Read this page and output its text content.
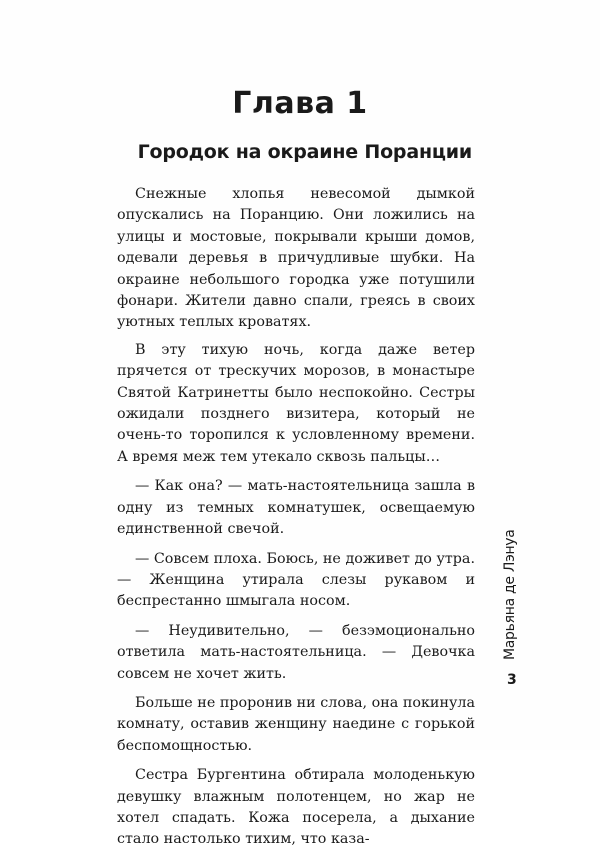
Глава 1
Городок на окраине Поранции

Снежные хлопья невесомой дымкой опускались на Поранцию. Они ложились на улицы и мостовые, покрывали крыши домов, одевали деревья в причудливые шубки. На окраине небольшого городка уже потушили фонари. Жители давно спали, греясь в своих уютных теплых кроватях.

В эту тихую ночь, когда даже ветер прячется от трескучих морозов, в монастыре Святой Катринетты было неспокойно. Сестры ожидали позднего визитера, который не очень-то торопился к условленному времени. А время меж тем утекало сквозь пальцы…

— Как она? — мать-настоятельница зашла в одну из темных комнатушек, освещаемую единственной свечой.

— Совсем плоха. Боюсь, не доживет до утра. — Женщина утирала слезы рукавом и беспрестанно шмыгала носом.

— Неудивительно, — безэмоционально ответила мать-настоятельница. — Девочка совсем не хочет жить.

Больше не проронив ни слова, она покинула комнату, оставив женщину наедине с горькой беспомощностью.

Сестра Бургентина обтирала молоденькую девушку влажным полотенцем, но жар не хотел спадать. Кожа посерела, а дыхание стало настолько тихим, что каза-

Марьяна де Лэнуа
3
